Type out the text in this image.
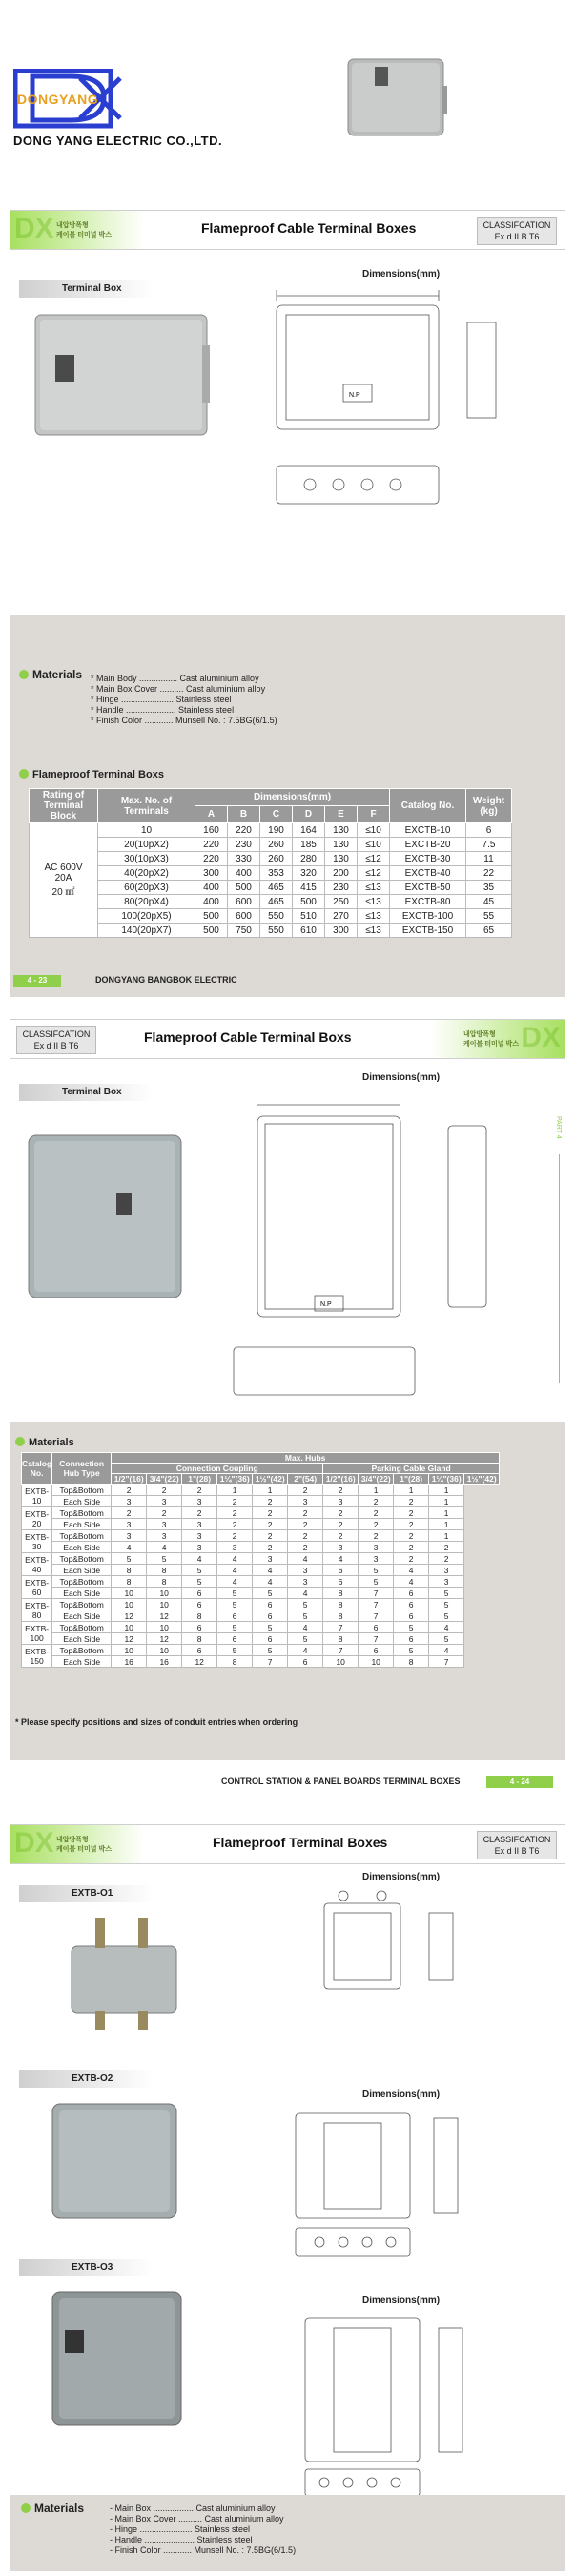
DONGYANG
DONG YANG ELECTRIC CO.,LTD.
DX 내압방폭형
케이블 터미널 박스	Flameproof Cable Terminal Boxes	CLASSIFCATION
Ex d II B T6
Terminal Box
Dimensions(mm)
N.P
Materials * Main Body ................ Cast aluminium alloy
* Main Box Cover .......... Cast aluminium alloy
* Hinge ...................... Stainless steel
* Handle ..................... Stainless steel
* Finish Color ............ Munsell No. : 7.5BG(6/1.5)
Flameproof Terminal Boxs
Rating of Terminal Block	Max. No. of Terminals	Dimensions(mm)						Catalog No.	Weight (kg)
		A	B	C	D	E	F		

AC 600V
20A
20 ㎟	10	160	220	190	164	130	≤10	EXCTB-10	6
	20(10pX2)	220	230	260	185	130	≤10	EXCTB-20	7.5
	30(10pX3)	220	330	260	280	130	≤12	EXCTB-30	11
	40(20pX2)	300	400	353	320	200	≤12	EXCTB-40	22
	60(20pX3)	400	500	465	415	230	≤13	EXCTB-50	35
	80(20pX4)	400	600	465	500	250	≤13	EXCTB-80	45
	100(20pX5)	500	600	550	510	270	≤13	EXCTB-100	55
	140(20pX7)	500	750	550	610	300	≤13	EXCTB-150	65
4 - 23	DONGYANG BANGBOK ELECTRIC
CLASSIFCATION
Ex d II B T6
Flameproof Cable Terminal Boxs	내압방폭형
케이블 터미널 박스 DX
Terminal Box
Dimensions(mm)
PART 4
N.P
Materials
Catalog No.	Connection Hub Type	Max. Hubs										
		Connection Coupling						Parking Cable Gland				
		1/2"(16)	3/4"(22)	1"(28)	1¼"(36)	1½"(42)	2"(54)	1/2"(16)	3/4"(22)	1"(28)	1¼"(36)	1½"(42)

EXTB-
10	Top&Bottom	2	2	2	1	1	2	2	1	1	1	
	Each Side	3	3	3	2	2	3	3	2	2	1	

EXTB-
20	Top&Bottom	2	2	2	2	2	2	2	2	2	1	
	Each Side	3	3	3	2	2	2	2	2	2	1	

EXTB-
30	Top&Bottom	3	3	3	2	2	2	2	2	2	1	
	Each Side	4	4	3	3	2	2	3	3	2	2	

EXTB-
40	Top&Bottom	5	5	4	4	3	4	4	3	2	2	
	Each Side	8	8	5	4	4	3	6	5	4	3	

EXTB-
60	Top&Bottom	8	8	5	4	4	3	6	5	4	3	
	Each Side	10	10	6	5	5	4	8	7	6	5	

EXTB-
80	Top&Bottom	10	10	6	5	6	5	8	7	6	5	
	Each Side	12	12	8	6	6	5	8	7	6	5	

EXTB-
100	Top&Bottom	10	10	6	5	5	4	7	6	5	4	
	Each Side	12	12	8	6	6	5	8	7	6	5	

EXTB-
150	Top&Bottom	10	10	6	5	5	4	7	6	5	4	
	Each Side	16	16	12	8	7	6	10	10	8	7	
* Please specify positions and sizes of conduit entries when ordering
CONTROL STATION & PANEL BOARDS TERMINAL BOXES	4 - 24
DX 내압방폭형
케이블 터미널 박스	Flameproof Terminal Boxes	CLASSIFCATION
Ex d II B T6
EXTB-O1
Dimensions(mm)
EXTB-O2
Dimensions(mm)
EXTB-O3
Dimensions(mm)
Materials	- Main Box ................. Cast aluminium alloy
- Main Box Cover .......... Cast aluminium alloy
- Hinge ...................... Stainless steel
- Handle ..................... Stainless steel
- Finish Color ............ Munsell No. : 7.5BG(6/1.5)
